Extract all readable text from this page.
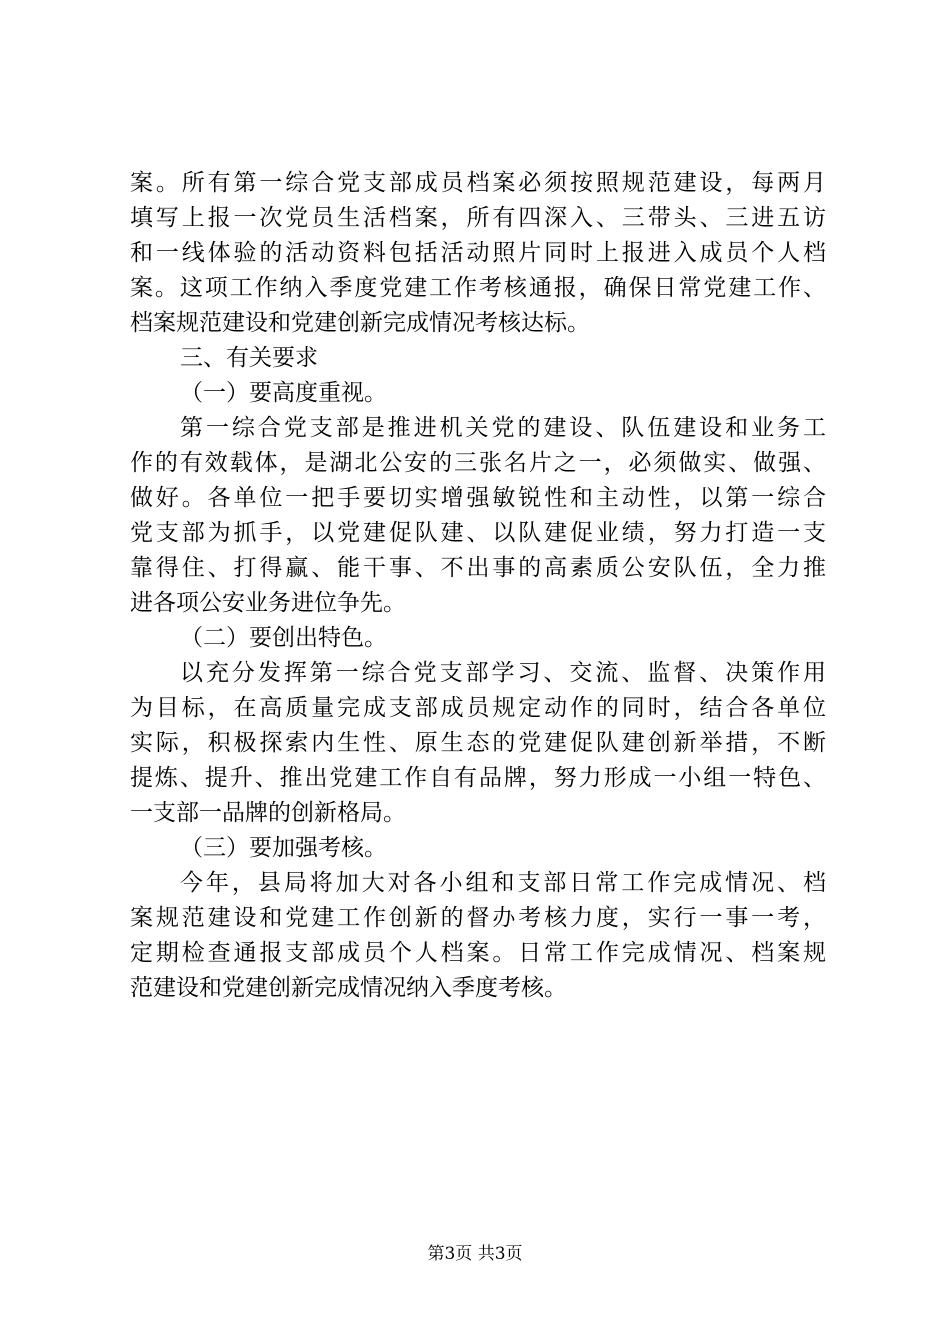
案。所有第一综合党支部成员档案必须按照规范建设，每两月
填写上报一次党员生活档案，所有四深入、三带头、三进五访
和一线体验的活动资料包括活动照片同时上报进入成员个人档
案。这项工作纳入季度党建工作考核通报，确保日常党建工作、
档案规范建设和党建创新完成情况考核达标。
三、有关要求
（一）要高度重视。
第一综合党支部是推进机关党的建设、队伍建设和业务工
作的有效载体，是湖北公安的三张名片之一，必须做实、做强、
做好。各单位一把手要切实增强敏锐性和主动性，以第一综合
党支部为抓手，以党建促队建、以队建促业绩，努力打造一支
靠得住、打得赢、能干事、不出事的高素质公安队伍，全力推
进各项公安业务进位争先。
（二）要创出特色。
以充分发挥第一综合党支部学习、交流、监督、决策作用
为目标，在高质量完成支部成员规定动作的同时，结合各单位
实际，积极探索内生性、原生态的党建促队建创新举措，不断
提炼、提升、推出党建工作自有品牌，努力形成一小组一特色、
一支部一品牌的创新格局。
（三）要加强考核。
今年，县局将加大对各小组和支部日常工作完成情况、档
案规范建设和党建工作创新的督办考核力度，实行一事一考，
定期检查通报支部成员个人档案。日常工作完成情况、档案规
范建设和党建创新完成情况纳入季度考核。
第3页 共3页
